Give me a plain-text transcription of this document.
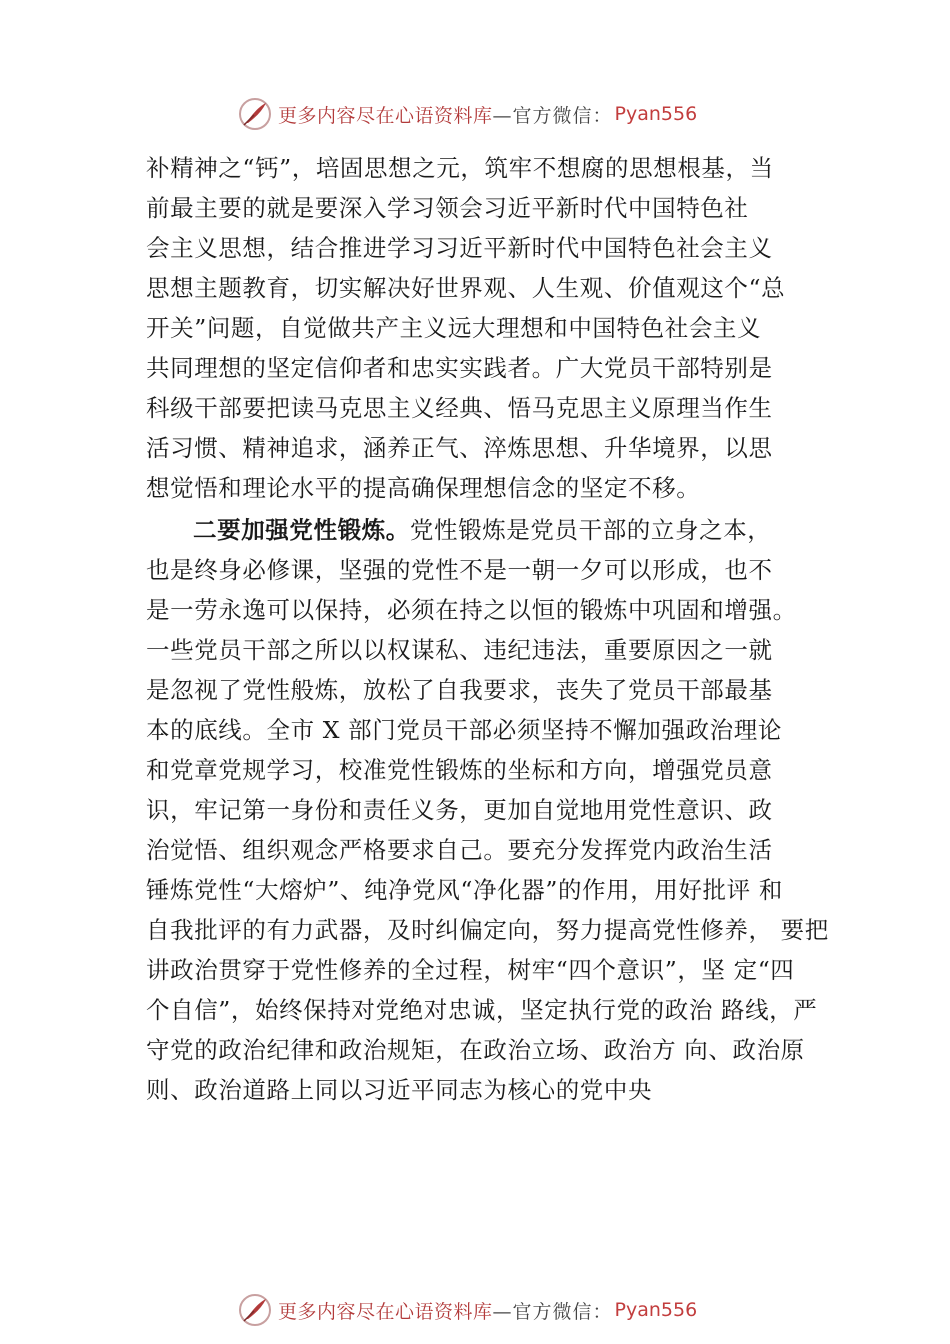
更多内容尽在心语资料库 —官方微信： Pyan556
补精神之“钙”，培固思想之元，筑牢不想腐的思想根基，当
前最主要的就是要深入学习领会习近平新时代中国特色社
会主义思想，结合推进学习习近平新时代中国特色社会主义
思想主题教育，切实解决好世界观、人生观、价值观这个“总
开关”问题，自觉做共产主义远大理想和中国特色社会主义
共同理想的坚定信仰者和忠实实践者。广大党员干部特别是
科级干部要把读马克思主义经典、悟马克思主义原理当作生
活习惯、精神追求，涵养正气、淬炼思想、升华境界，以思
想觉悟和理论水平的提高确保理想信念的坚定不移。
二要加强党性锻炼。党性锻炼是党员干部的立身之本，
也是终身必修课，坚强的党性不是一朝一夕可以形成，也不
是一劳永逸可以保持，必须在持之以恒的锻炼中巩固和增强。
一些党员干部之所以以权谋私、违纪违法，重要原因之一就
是忽视了党性般炼，放松了自我要求，丧失了党员干部最基
本的底线。全市 X 部门党员干部必须坚持不懈加强政治理论
和党章党规学习，校准党性锻炼的坐标和方向，增强党员意
识，牢记第一身份和责任义务，更加自觉地用党性意识、政
治觉悟、组织观念严格要求自己。要充分发挥党内政治生活
锤炼党性“大熔炉”、纯净党风“净化器”的作用，用好批评 和
自我批评的有力武器，及时纠偏定向，努力提高党性修养， 要把
讲政治贯穿于党性修养的全过程，树牢“四个意识”，坚 定“四
个自信”，始终保持对党绝对忠诚，坚定执行党的政治 路线，严
守党的政治纪律和政治规矩，在政治立场、政治方 向、政治原
则、政治道路上同以习近平同志为核心的党中央
更多内容尽在心语资料库 —官方微信： Pyan556
